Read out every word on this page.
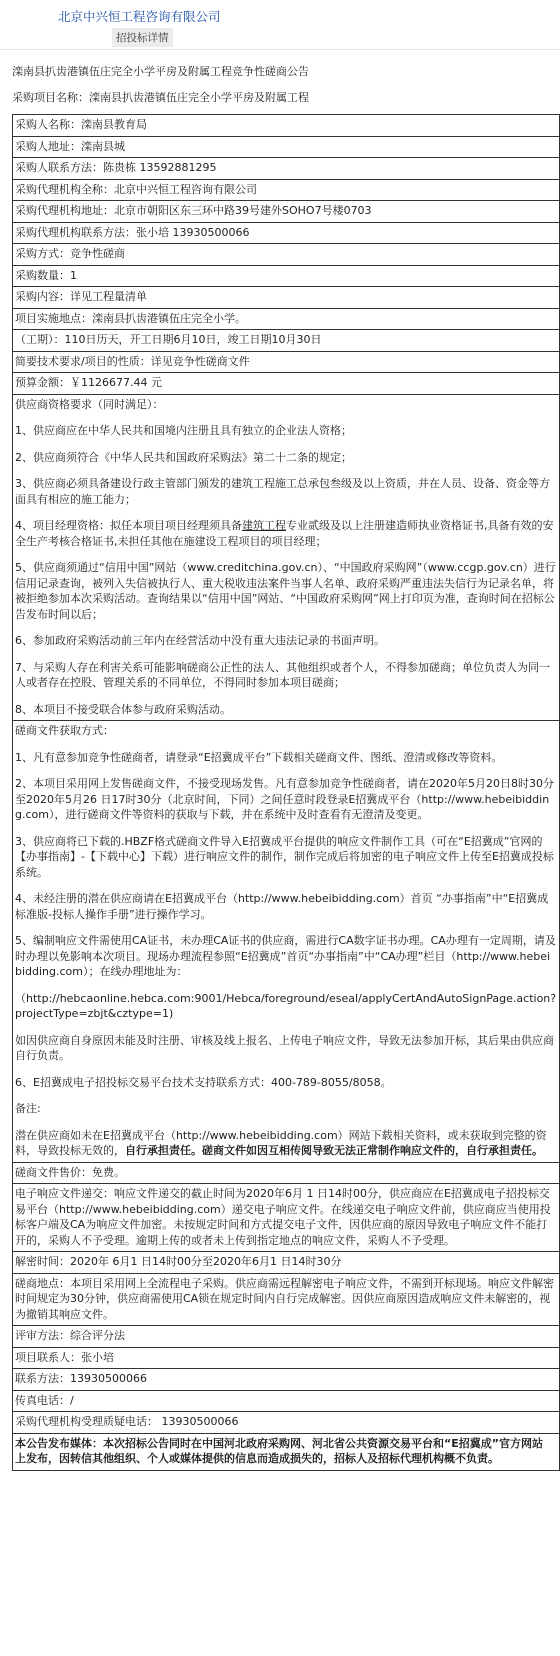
北京中兴恒工程咨询有限公司
招投标详情

滦南县扒齿港镇伍庄完全小学平房及附属工程竞争性磋商公告

采购项目名称：滦南县扒齿港镇伍庄完全小学平房及附属工程

采购人名称：滦南县教育局
采购人地址：滦南县城
采购人联系方法：陈贵栋 13592881295
采购代理机构全称：北京中兴恒工程咨询有限公司
采购代理机构地址：北京市朝阳区东三环中路39号建外SOHO7号楼0703
采购代理机构联系方法：张小培 13930500066
采购方式：竞争性磋商
采购数量：1
采购内容：详见工程量清单
项目实施地点：滦南县扒齿港镇伍庄完全小学。
（工期）：110日历天，开工日期6月10日，竣工日期10月30日
简要技术要求/项目的性质：详见竞争性磋商文件
预算金额：￥1126677.44 元

供应商资格要求（同时满足）：
1、供应商应在中华人民共和国境内注册且具有独立的企业法人资格；
2、供应商须符合《中华人民共和国政府采购法》第二十二条的规定；
3、供应商必须具备建设行政主管部门颁发的建筑工程施工总承包叁级及以上资质，并在人员、设备、资金等方面具有相应的施工能力；
4、项目经理资格：拟任本项目项目经理须具备建筑工程专业贰级及以上注册建造师执业资格证书,具备有效的安全生产考核合格证书,未担任其他在施建设工程项目的项目经理；
5、供应商须通过“信用中国”网站（www.creditchina.gov.cn）、“中国政府采购网”（www.ccgp.gov.cn）进行信用记录查询，被列入失信被执行人、重大税收违法案件当事人名单、政府采购严重违法失信行为记录名单，将被拒绝参加本次采购活动。查询结果以“信用中国”网站、“中国政府采购网”网上打印页为准，查询时间在招标公告发布时间以后；
6、参加政府采购活动前三年内在经营活动中没有重大违法记录的书面声明。
7、与采购人存在利害关系可能影响磋商公正性的法人、其他组织或者个人，不得参加磋商；单位负责人为同一人或者存在控股、管理关系的不同单位，不得同时参加本项目磋商；
8、本项目不接受联合体参与政府采购活动。

磋商文件获取方式：
1、凡有意参加竞争性磋商者，请登录“E招冀成平台”下载相关磋商文件、图纸、澄清或修改等资料。
2、本项目采用网上发售磋商文件，不接受现场发售。凡有意参加竞争性磋商者，请在2020年5月20日8时30分至2020年5月26 日17时30分（北京时间，下同）之间任意时段登录E招冀成平台（http://www.hebeibidding.com），进行磋商文件等资料的获取与下载，并在系统中及时查看有无澄清及变更。
3、供应商将已下载的.HBZF格式磋商文件导入E招冀成平台提供的响应文件制作工具（可在“E招冀成”官网的【办事指南】-【下载中心】下载）进行响应文件的制作，制作完成后将加密的电子响应文件上传至E招冀成投标系统。
4、未经注册的潜在供应商请在E招冀成平台（http://www.hebeibidding.com）首页 “办事指南”中“E招冀成标准版-投标人操作手册”进行操作学习。
5、编制响应文件需使用CA证书，未办理CA证书的供应商，需进行CA数字证书办理。CA办理有一定周期，请及时办理以免影响本次项目。现场办理流程参照“E招冀成”首页“办事指南”中“CA办理”栏目（http://www.hebeibidding.com）；在线办理地址为：
（http://hebcaonline.hebca.com:9001/Hebca/foreground/eseal/applyCertAndAutoSignPage.action?projectType=zbjt&cztype=1)
如因供应商自身原因未能及时注册、审核及线上报名、上传电子响应文件，导致无法参加开标，其后果由供应商自行负责。
6、E招冀成电子招投标交易平台技术支持联系方式：400-789-8055/8058。
备注:
潜在供应商如未在E招冀成平台（http://www.hebeibidding.com）网站下载相关资料，或未获取到完整的资料，导致投标无效的，自行承担责任。磋商文件如因互相传阅导致无法正常制作响应文件的，自行承担责任。

磋商文件售价：免费。
电子响应文件递交：响应文件递交的截止时间为2020年6月 1 日14时00分，供应商应在E招冀成电子招投标交易平台（http://www.hebeibidding.com）递交电子响应文件。在线递交电子响应文件前，供应商应当使用投标客户端及CA为响应文件加密。未按规定时间和方式提交电子文件，因供应商的原因导致电子响应文件不能打开的，采购人不予受理。逾期上传的或者未上传到指定地点的响应文件，采购人不予受理。
解密时间：2020年 6月1 日14时00分至2020年6月1 日14时30分
磋商地点：本项目采用网上全流程电子采购。供应商需远程解密电子响应文件，不需到开标现场。响应文件解密时间规定为30分钟，供应商需使用CA锁在规定时间内自行完成解密。因供应商原因造成响应文件未解密的，视为撤销其响应文件。
评审方法：综合评分法
项目联系人：张小培
联系方法：13930500066
传真电话：/
采购代理机构受理质疑电话： 13930500066
本公告发布媒体：本次招标公告同时在中国河北政府采购网、河北省公共资源交易平台和“E招冀成”官方网站 上发布，因转信其他组织、个人或媒体提供的信息而造成损失的，招标人及招标代理机构概不负责。
